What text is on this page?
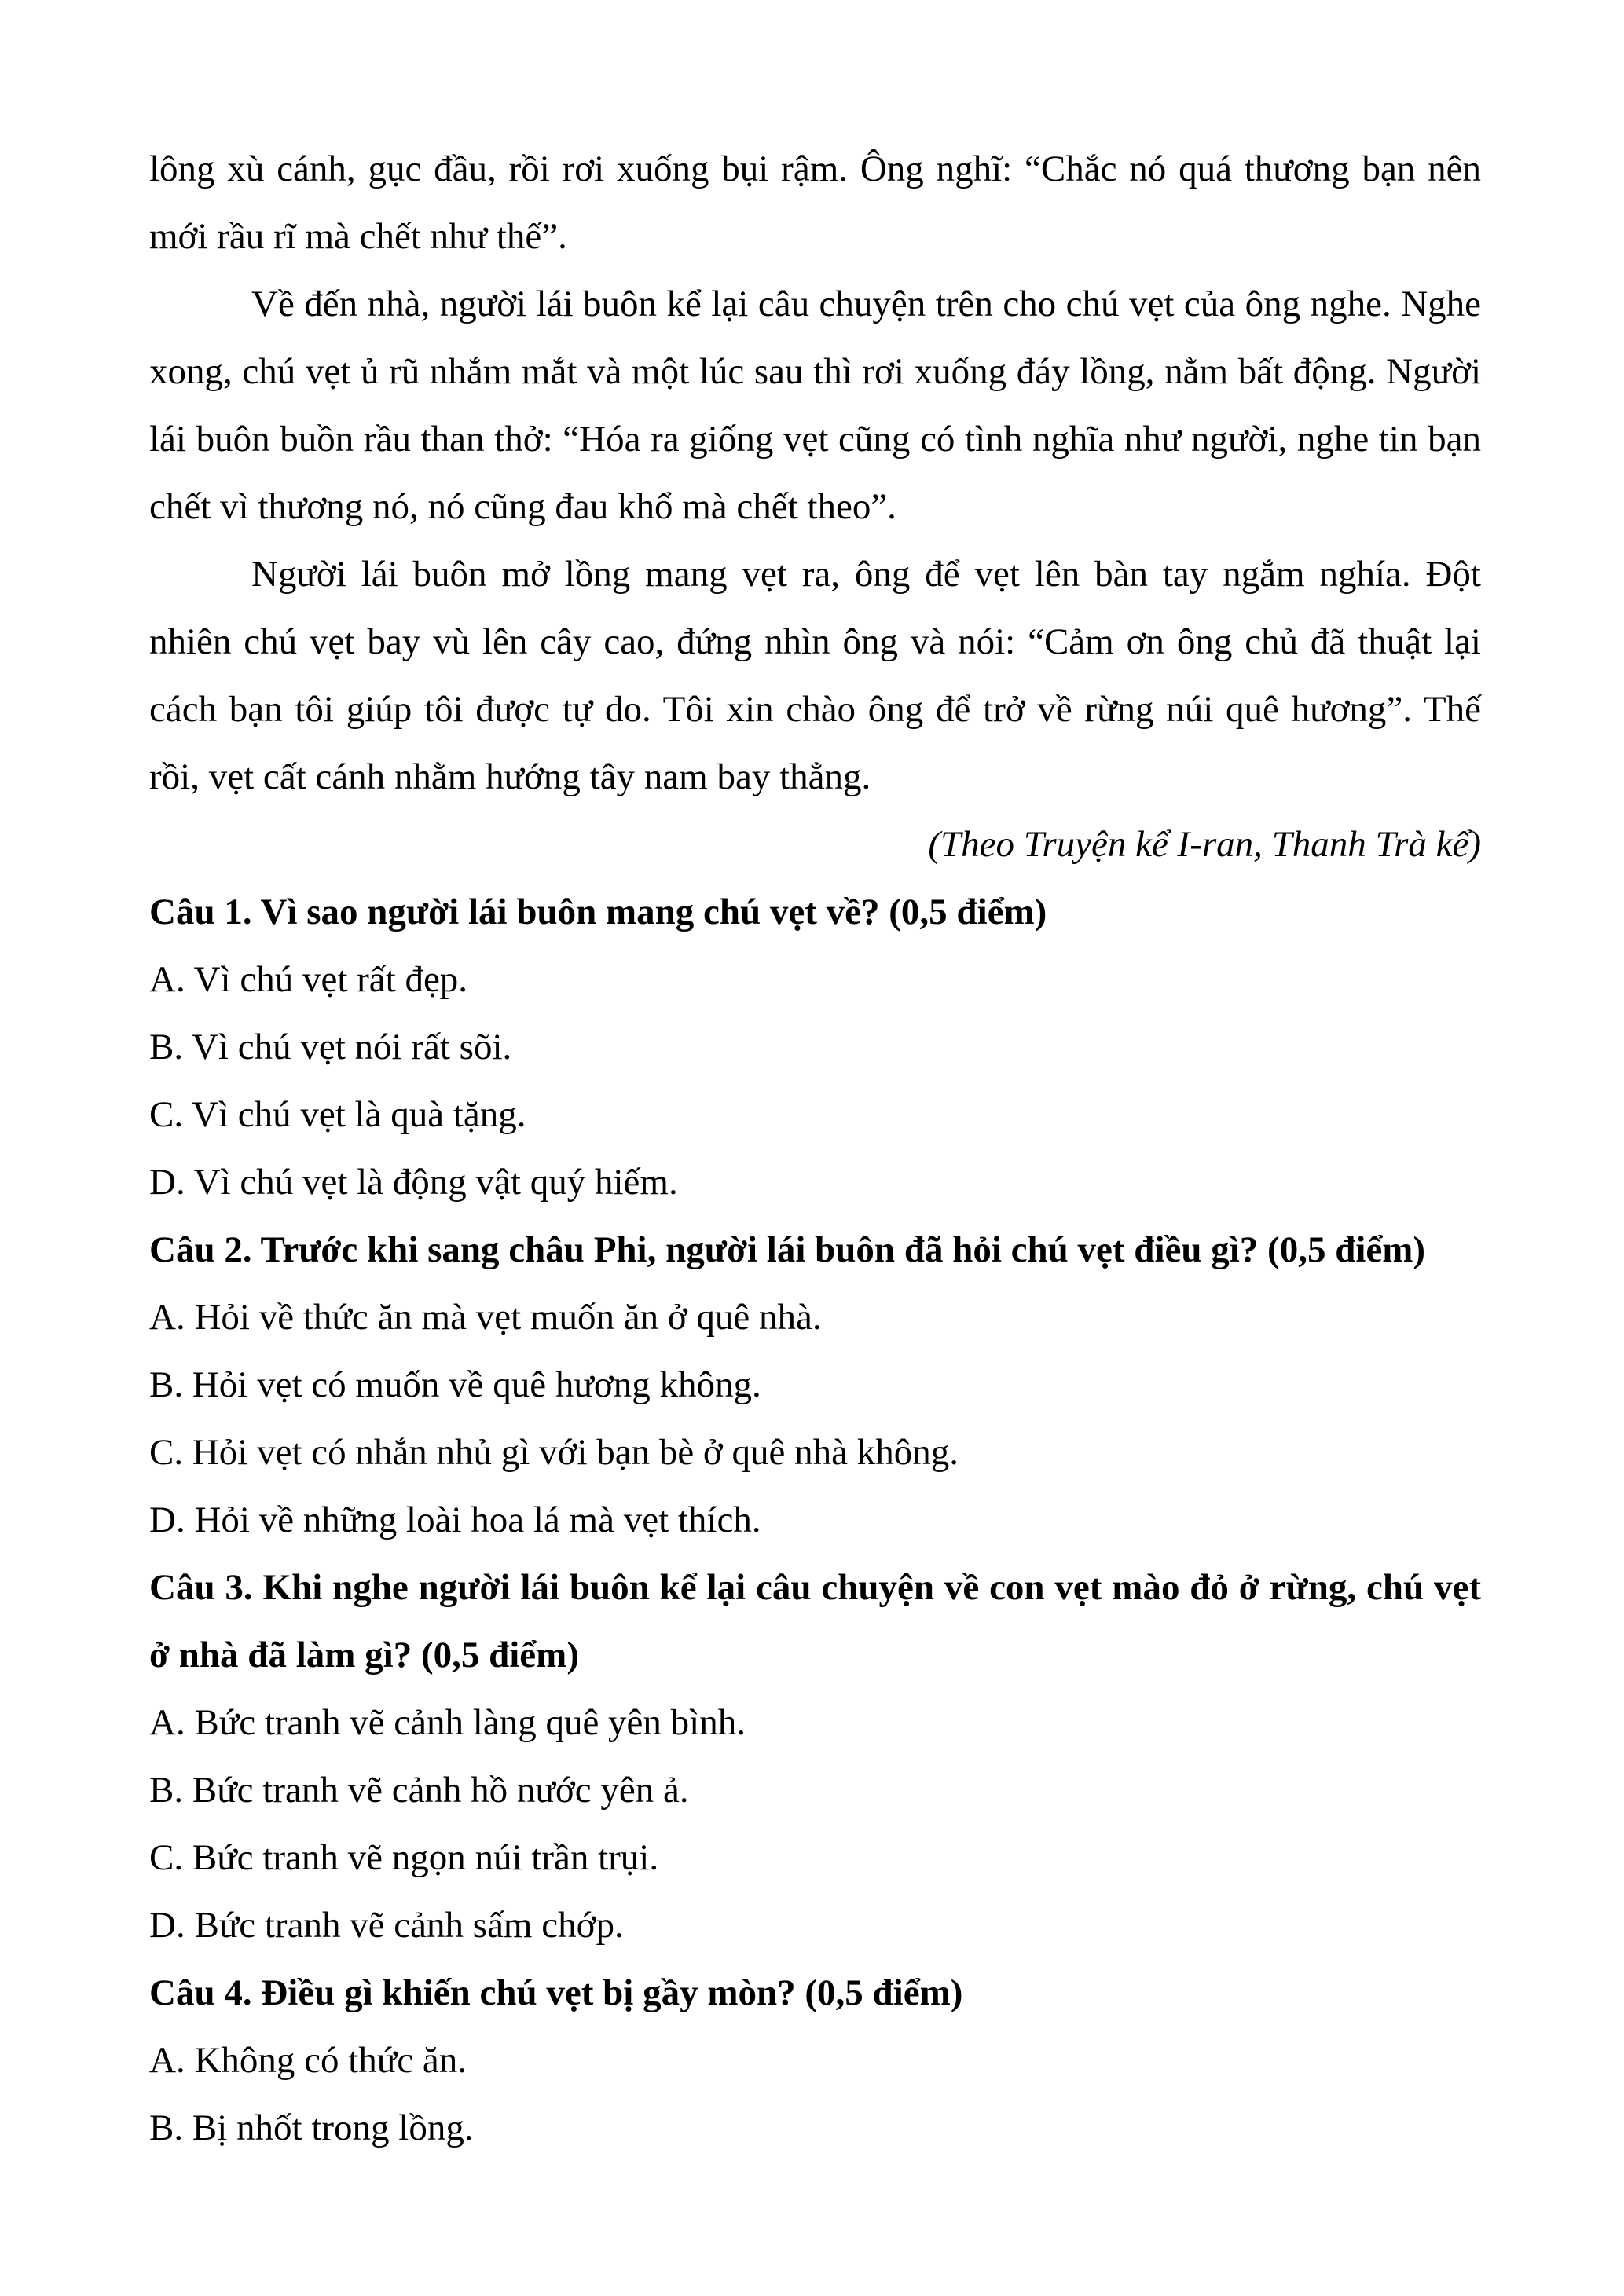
lông xù cánh, gục đầu, rồi rơi xuống bụi rậm. Ông nghĩ: “Chắc nó quá thương bạn nên mới rầu rĩ mà chết như thế”.

Về đến nhà, người lái buôn kể lại câu chuyện trên cho chú vẹt của ông nghe. Nghe xong, chú vẹt ủ rũ nhắm mắt và một lúc sau thì rơi xuống đáy lồng, nằm bất động. Người lái buôn buồn rầu than thở: “Hóa ra giống vẹt cũng có tình nghĩa như người, nghe tin bạn chết vì thương nó, nó cũng đau khổ mà chết theo”.

Người lái buôn mở lồng mang vẹt ra, ông để vẹt lên bàn tay ngắm nghía. Đột nhiên chú vẹt bay vù lên cây cao, đứng nhìn ông và nói: “Cảm ơn ông chủ đã thuật lại cách bạn tôi giúp tôi được tự do. Tôi xin chào ông để trở về rừng núi quê hương”. Thế rồi, vẹt cất cánh nhằm hướng tây nam bay thẳng.

(Theo Truyện kể I-ran, Thanh Trà kể)

Câu 1. Vì sao người lái buôn mang chú vẹt về? (0,5 điểm)

A. Vì chú vẹt rất đẹp.

B. Vì chú vẹt nói rất sõi.

C. Vì chú vẹt là quà tặng.

D. Vì chú vẹt là động vật quý hiếm.

Câu 2. Trước khi sang châu Phi, người lái buôn đã hỏi chú vẹt điều gì? (0,5 điểm)

A. Hỏi về thức ăn mà vẹt muốn ăn ở quê nhà.

B. Hỏi vẹt có muốn về quê hương không.

C. Hỏi vẹt có nhắn nhủ gì với bạn bè ở quê nhà không.

D. Hỏi về những loài hoa lá mà vẹt thích.

Câu 3. Khi nghe người lái buôn kể lại câu chuyện về con vẹt mào đỏ ở rừng, chú vẹt ở nhà đã làm gì? (0,5 điểm)

A. Bức tranh vẽ cảnh làng quê yên bình.

B. Bức tranh vẽ cảnh hồ nước yên ả.

C. Bức tranh vẽ ngọn núi trần trụi.

D. Bức tranh vẽ cảnh sấm chớp.

Câu 4. Điều gì khiến chú vẹt bị gầy mòn? (0,5 điểm)

A. Không có thức ăn.

B. Bị nhốt trong lồng.
